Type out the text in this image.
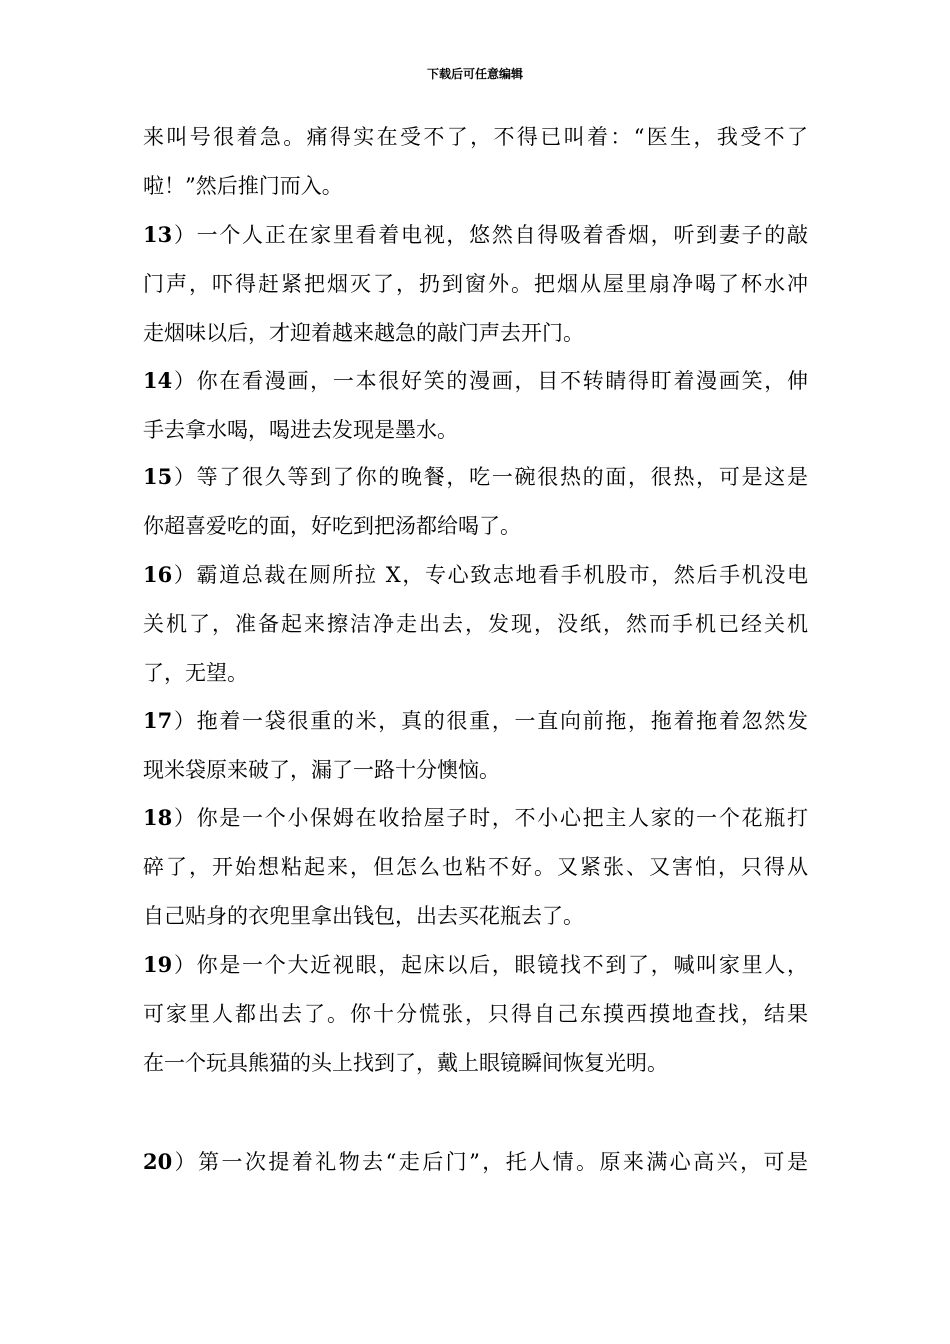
下载后可任意编辑
来叫号很着急。痛得实在受不了，不得已叫着：“医生，我受不了
啦！”然后推门而入。
13）一个人正在家里看着电视，悠然自得吸着香烟，听到妻子的敲
门声，吓得赶紧把烟灭了，扔到窗外。把烟从屋里扇净喝了杯水冲
走烟味以后，才迎着越来越急的敲门声去开门。
14）你在看漫画，一本很好笑的漫画，目不转睛得盯着漫画笑，伸
手去拿水喝，喝进去发现是墨水。
15）等了很久等到了你的晚餐，吃一碗很热的面，很热，可是这是
你超喜爱吃的面，好吃到把汤都给喝了。
16）霸道总裁在厕所拉 X，专心致志地看手机股市，然后手机没电
关机了，准备起来擦洁净走出去，发现，没纸，然而手机已经关机
了，无望。
17）拖着一袋很重的米，真的很重，一直向前拖，拖着拖着忽然发
现米袋原来破了，漏了一路十分懊恼。
18）你是一个小保姆在收拾屋子时，不小心把主人家的一个花瓶打
碎了，开始想粘起来，但怎么也粘不好。又紧张、又害怕，只得从
自己贴身的衣兜里拿出钱包，出去买花瓶去了。
19）你是一个大近视眼，起床以后，眼镜找不到了，喊叫家里人，
可家里人都出去了。你十分慌张，只得自己东摸西摸地查找，结果
在一个玩具熊猫的头上找到了，戴上眼镜瞬间恢复光明。
20）第一次提着礼物去“走后门”，托人情。原来满心高兴，可是
